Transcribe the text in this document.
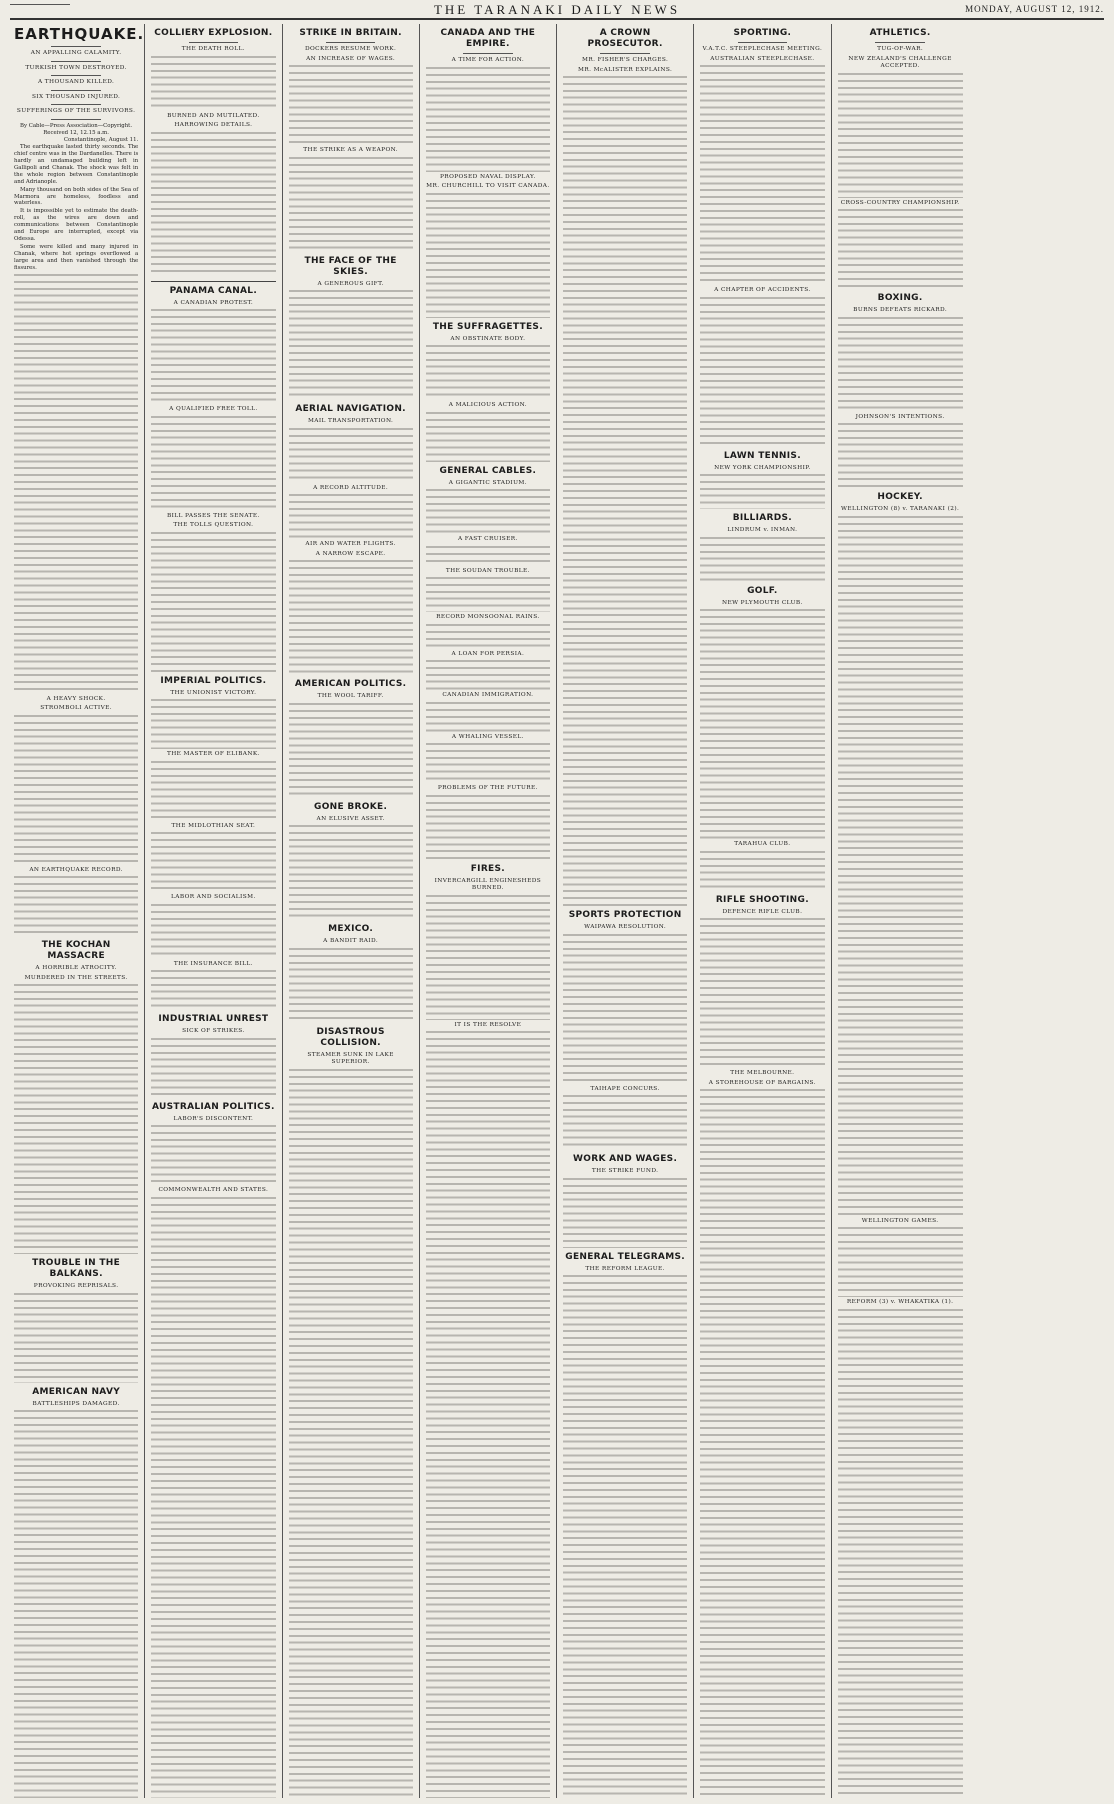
THE TARANAKI DAILY NEWS	MONDAY, AUGUST 12, 1912.
EARTHQUAKE.
AN APPALLING CALAMITY.
TURKISH TOWN DESTROYED.
A THOUSAND KILLED.
SIX THOUSAND INJURED.
SUFFERINGS OF THE SURVIVORS.
By Cable—Press Association—Copyright.
Received 12, 12.15 a.m.
Constantinople, August 11.
The earthquake lasted thirty seconds. The chief centre was in the Dardanelles. There is hardly an undamaged building left in Gallipoli and Chanak. The shock was felt in the whole region between Constantinople and Adrianople.
Many thousand on both sides of the Sea of Marmora are homeless, foodless and waterless.
It is impossible yet to estimate the death-roll, as the wires are down and communications between Constantinople and Europe are interrupted, except via Odessa.
Some were killed and many injured in Chanak, where hot springs overflowed a large area and then vanished through the fissures.
A HEAVY SHOCK.
STROMBOLI ACTIVE.
AN EARTHQUAKE RECORD.
THE KOCHAN MASSACRE
A HORRIBLE ATROCITY.
MURDERED IN THE STREETS.
TROUBLE IN THE BALKANS.
PROVOKING REPRISALS.
AMERICAN NAVY
BATTLESHIPS DAMAGED.
COLLIERY EXPLOSION.
THE DEATH ROLL.
BURNED AND MUTILATED.
HARROWING DETAILS.
PANAMA CANAL.
A CANADIAN PROTEST.
A QUALIFIED FREE TOLL.
BILL PASSES THE SENATE.
THE TOLLS QUESTION.
IMPERIAL POLITICS.
THE UNIONIST VICTORY.
THE MASTER OF ELIBANK.
THE MIDLOTHIAN SEAT.
LABOR AND SOCIALISM.
THE INSURANCE BILL.
INDUSTRIAL UNREST
SICK OF STRIKES.
AUSTRALIAN POLITICS.
LABOR'S DISCONTENT.
COMMONWEALTH AND STATES.
STRIKE IN BRITAIN.
DOCKERS RESUME WORK.
AN INCREASE OF WAGES.
THE STRIKE AS A WEAPON.
THE FACE OF THE SKIES.
A GENEROUS GIFT.
AERIAL NAVIGATION.
MAIL TRANSPORTATION.
A RECORD ALTITUDE.
AIR AND WATER FLIGHTS.
A NARROW ESCAPE.
AMERICAN POLITICS.
THE WOOL TARIFF.
GONE BROKE.
AN ELUSIVE ASSET.
MEXICO.
A BANDIT RAID.
DISASTROUS COLLISION.
STEAMER SUNK IN LAKE SUPERIOR.
CANADA AND THE EMPIRE.
A TIME FOR ACTION.
PROPOSED NAVAL DISPLAY.
MR. CHURCHILL TO VISIT CANADA.
THE SUFFRAGETTES.
AN OBSTINATE BODY.
A MALICIOUS ACTION.
GENERAL CABLES.
A GIGANTIC STADIUM.
A FAST CRUISER.
THE SOUDAN TROUBLE.
RECORD MONSOONAL RAINS.
A LOAN FOR PERSIA.
CANADIAN IMMIGRATION.
A WHALING VESSEL.
PROBLEMS OF THE FUTURE.
FIRES.
INVERCARGILL ENGINESHEDS BURNED.
IT IS THE RESOLVE
A CROWN PROSECUTOR.
MR. FISHER'S CHARGES.
MR. McALISTER EXPLAINS.
SPORTS PROTECTION
WAIPAWA RESOLUTION.
TAIHAPE CONCURS.
WORK AND WAGES.
THE STRIKE FUND.
GENERAL TELEGRAMS.
THE REFORM LEAGUE.
SPORTING.
V.A.T.C. STEEPLECHASE MEETING.
AUSTRALIAN STEEPLECHASE.
A CHAPTER OF ACCIDENTS.
LAWN TENNIS.
NEW YORK CHAMPIONSHIP.
BILLIARDS.
LINDRUM v. INMAN.
GOLF.
NEW PLYMOUTH CLUB.
TARAHUA CLUB.
RIFLE SHOOTING.
DEFENCE RIFLE CLUB.
THE MELBOURNE.
A STOREHOUSE OF BARGAINS.
ATHLETICS.
TUG-OF-WAR.
NEW ZEALAND'S CHALLENGE ACCEPTED.
CROSS-COUNTRY CHAMPIONSHIP.
BOXING.
BURNS DEFEATS RICKARD.
JOHNSON'S INTENTIONS.
HOCKEY.
WELLINGTON (8) v. TARANAKI (2).
WELLINGTON GAMES.
REFORM (3) v. WHAKATIKA (1).
